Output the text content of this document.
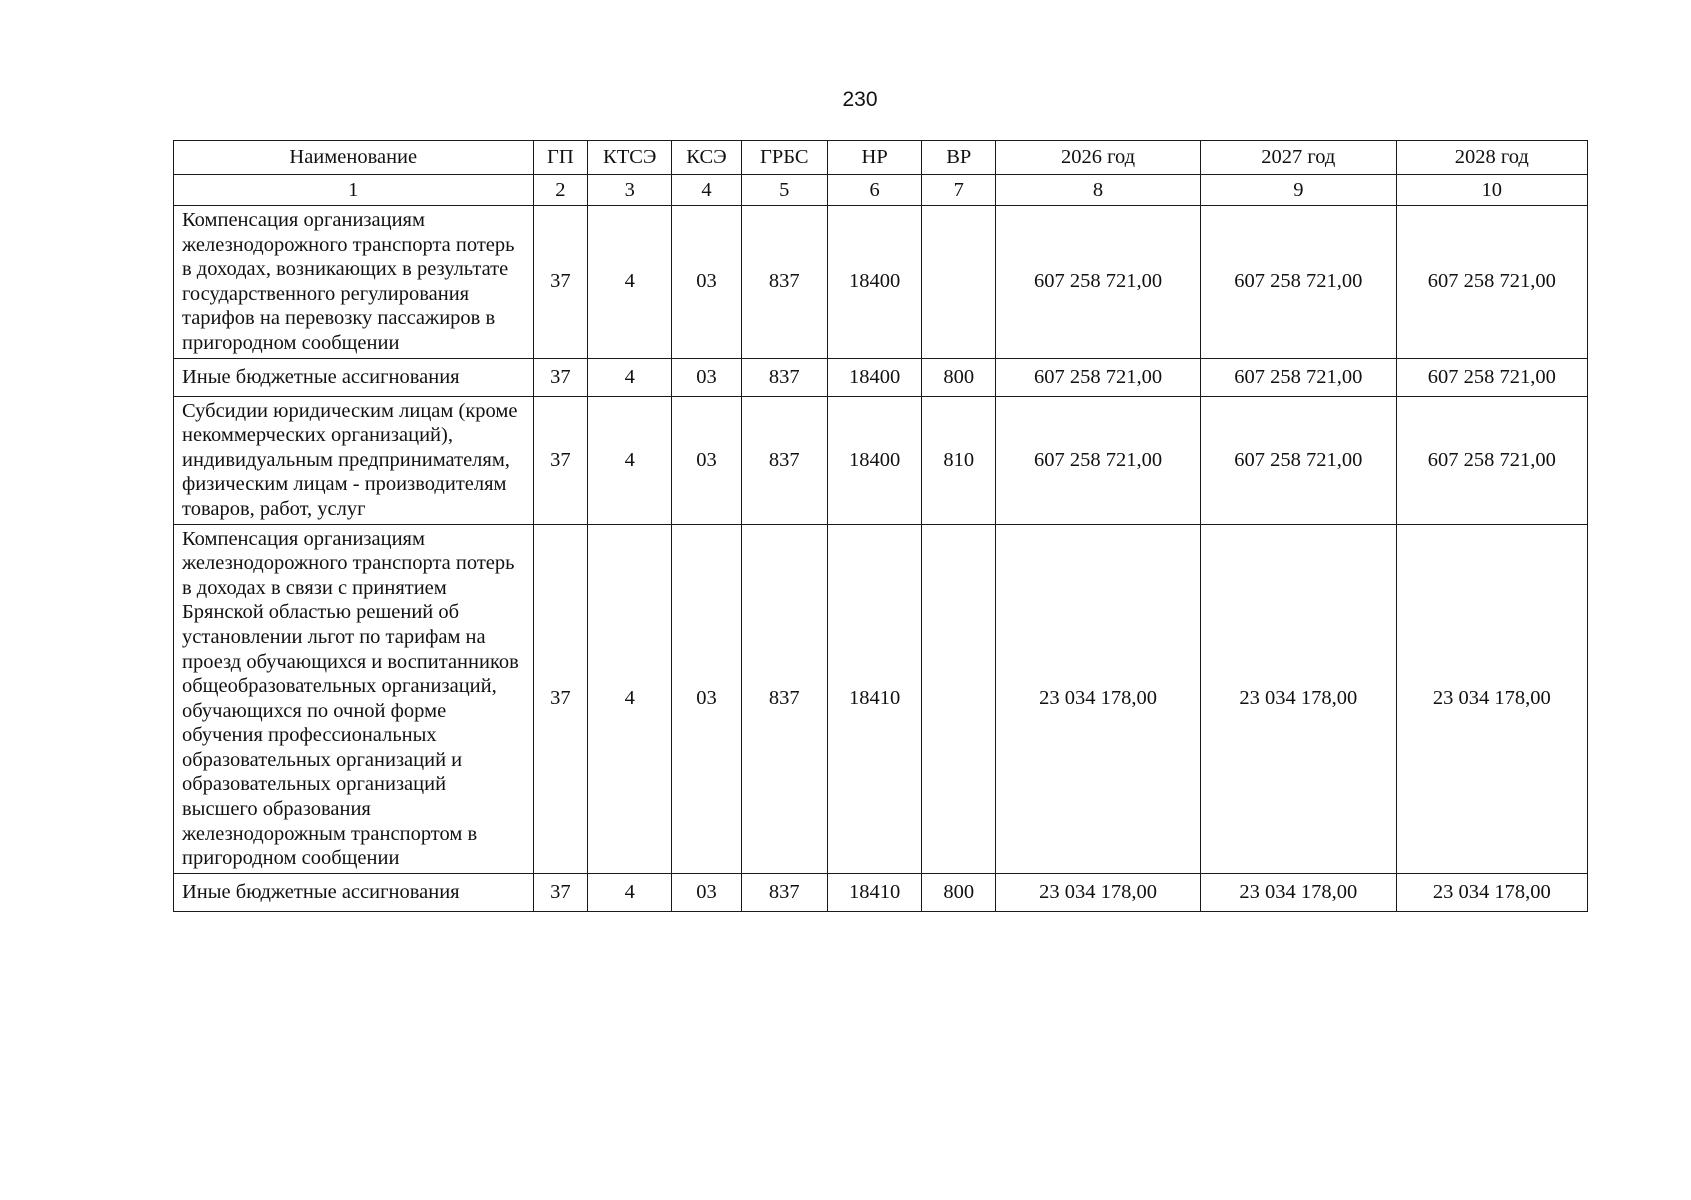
230
Наименование	ГП	КТСЭ	КСЭ	ГРБС	НР	ВР	2026 год	2027 год	2028 год
1	2	3	4	5	6	7	8	9	10
Компенсация организациям железнодорожного транспорта потерь в доходах, возникающих в результате государственного регулирования тарифов на перевозку пассажиров в пригородном сообщении	37	4	03	837	18400		607 258 721,00	607 258 721,00	607 258 721,00
Иные бюджетные ассигнования	37	4	03	837	18400	800	607 258 721,00	607 258 721,00	607 258 721,00
Субсидии юридическим лицам (кроме некоммерческих организаций), индивидуальным предпринимателям, физическим лицам - производителям товаров, работ, услуг	37	4	03	837	18400	810	607 258 721,00	607 258 721,00	607 258 721,00
Компенсация организациям железнодорожного транспорта потерь в доходах в связи с принятием Брянской областью решений об установлении льгот по тарифам на проезд обучающихся и воспитанников общеобразовательных организаций, обучающихся по очной форме обучения профессиональных образовательных организаций и образовательных организаций высшего образования железнодорожным транспортом в пригородном сообщении	37	4	03	837	18410		23 034 178,00	23 034 178,00	23 034 178,00
Иные бюджетные ассигнования	37	4	03	837	18410	800	23 034 178,00	23 034 178,00	23 034 178,00
